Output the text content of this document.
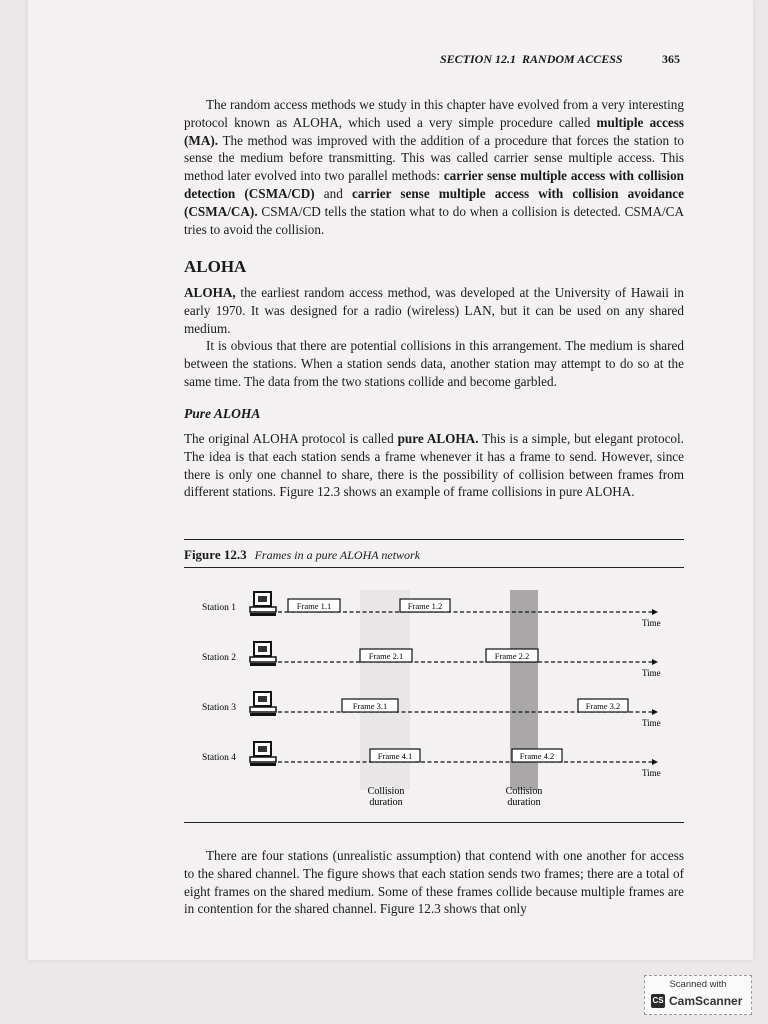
SECTION 12.1 RANDOM ACCESS	365

The random access methods we study in this chapter have evolved from a very interesting protocol known as ALOHA, which used a very simple procedure called multiple access (MA). The method was improved with the addition of a procedure that forces the station to sense the medium before transmitting. This was called carrier sense multiple access. This method later evolved into two parallel methods: carrier sense multiple access with collision detection (CSMA/CD) and carrier sense multiple access with collision avoidance (CSMA/CA). CSMA/CD tells the station what to do when a collision is detected. CSMA/CA tries to avoid the collision.

ALOHA

ALOHA, the earliest random access method, was developed at the University of Hawaii in early 1970. It was designed for a radio (wireless) LAN, but it can be used on any shared medium.

It is obvious that there are potential collisions in this arrangement. The medium is shared between the stations. When a station sends data, another station may attempt to do so at the same time. The data from the two stations collide and become garbled.

Pure ALOHA

The original ALOHA protocol is called pure ALOHA. This is a simple, but elegant protocol. The idea is that each station sends a frame whenever it has a frame to send. However, since there is only one channel to share, there is the possibility of collision between frames from different stations. Figure 12.3 shows an example of frame collisions in pure ALOHA.

Figure 12.3 Frames in a pure ALOHA network
Station 1
Time
Frame 1.1	Frame 1.2
Station 2
Time
Frame 2.1	Frame 2.2
Station 3
Time
Frame 3.1	Frame 3.2
Station 4
Time
Frame 4.1	Frame 4.2
Collision
duration
Collision
duration

There are four stations (unrealistic assumption) that contend with one another for access to the shared channel. The figure shows that each station sends two frames; there are a total of eight frames on the shared medium. Some of these frames collide because multiple frames are in contention for the shared channel. Figure 12.3 shows that only

Scanned with
CS CamScanner
